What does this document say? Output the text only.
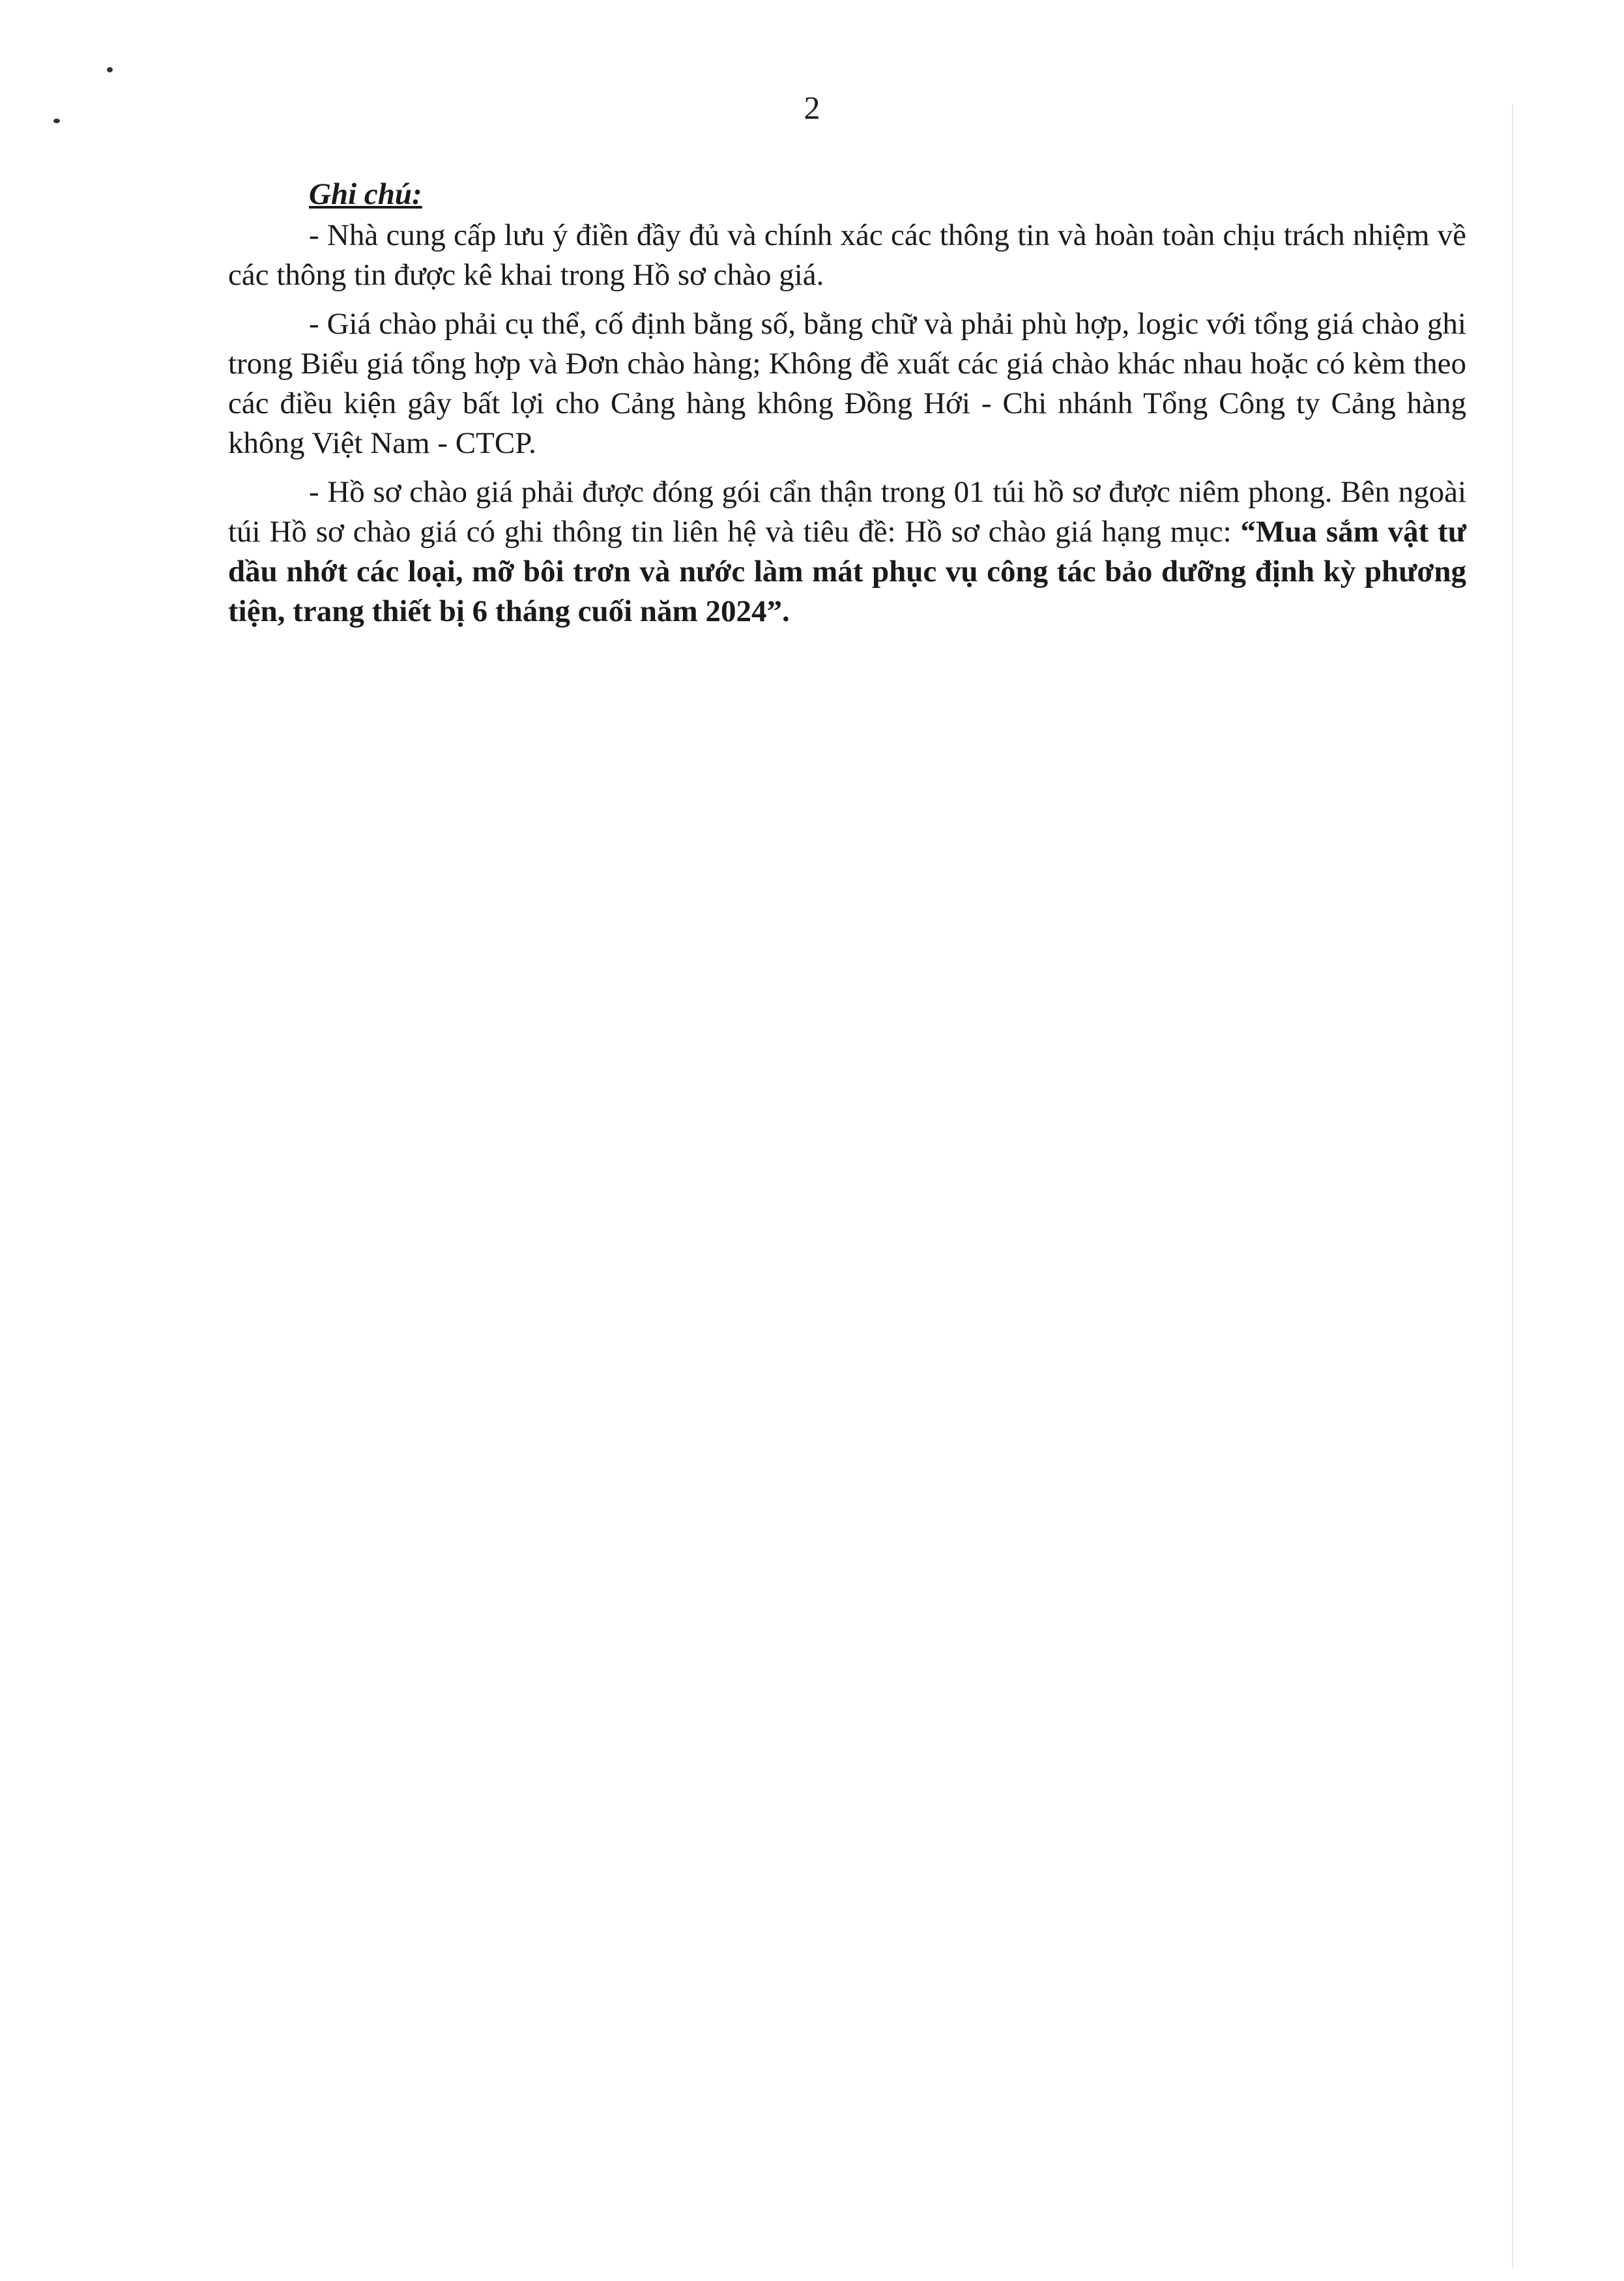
2

Ghi chú:

- Nhà cung cấp lưu ý điền đầy đủ và chính xác các thông tin và hoàn toàn chịu trách nhiệm về các thông tin được kê khai trong Hồ sơ chào giá.

- Giá chào phải cụ thể, cố định bằng số, bằng chữ và phải phù hợp, logic với tổng giá chào ghi trong Biểu giá tổng hợp và Đơn chào hàng; Không đề xuất các giá chào khác nhau hoặc có kèm theo các điều kiện gây bất lợi cho Cảng hàng không Đồng Hới - Chi nhánh Tổng Công ty Cảng hàng không Việt Nam - CTCP.

- Hồ sơ chào giá phải được đóng gói cẩn thận trong 01 túi hồ sơ được niêm phong. Bên ngoài túi Hồ sơ chào giá có ghi thông tin liên hệ và tiêu đề: Hồ sơ chào giá hạng mục: “Mua sắm vật tư dầu nhớt các loại, mỡ bôi trơn và nước làm mát phục vụ công tác bảo dưỡng định kỳ phương tiện, trang thiết bị 6 tháng cuối năm 2024”.
